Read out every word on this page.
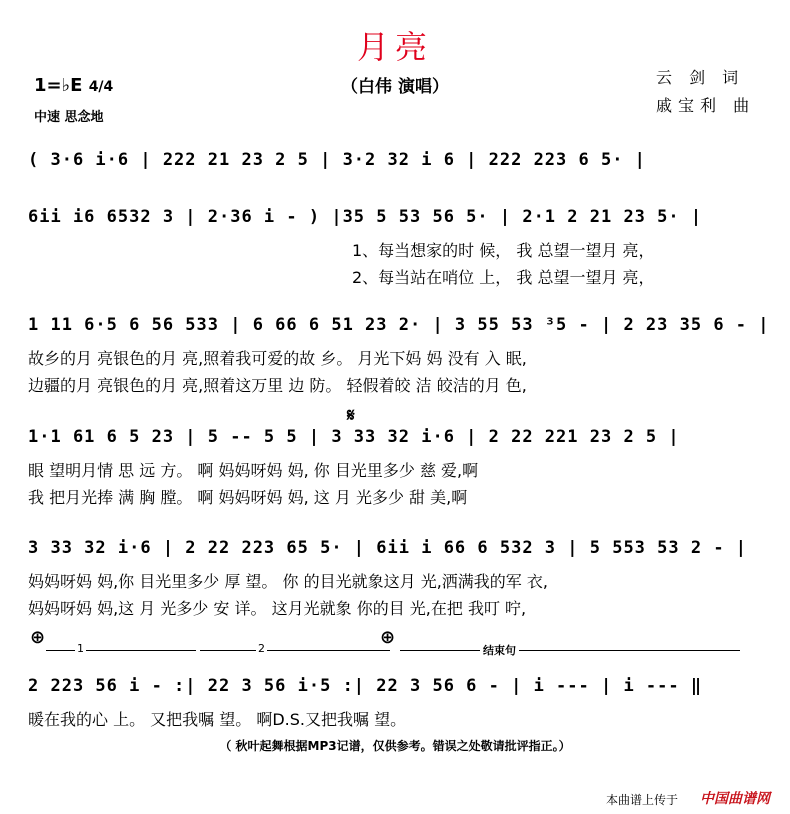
月亮
（白伟 演唱）
1=♭E 4/4
中速 思念地
云 剑 词
戚宝利 曲
( 3·6 i·6 | 222 21 23 2 5 | 3·2 32 i 6 | 222 223 6 5· |
6ii i6 6532 3 | 2·36 i - ) |35 5 53 56 5· | 2·1 2 21 23 5· |
1、每当想家的时 候， 我 总望一望月 亮，
2、每当站在哨位 上， 我 总望一望月 亮，
1 11 6·5 6 56 533 | 6 66 6 51 23 2· | 3 55 53 ³5 - | 2 23 35 6 - |
故乡的月 亮银色的月 亮,照着我可爱的故 乡。 月光下妈 妈 没有 入 眠,
边疆的月 亮银色的月 亮,照着这万里 边 防。 轻假着皎 洁 皎洁的月 色,
𝄋
1·1 61 6 5 23 | 5 -- 5 5 | 3 33 32 i·6 | 2 22 221 23 2 5 |
眼 望明月情 思 远 方。 啊 妈妈呀妈 妈, 你 目光里多少 慈 爱,啊
我 把月光捧 满 胸 膛。 啊 妈妈呀妈 妈, 这 月 光多少 甜 美,啊
3 33 32 i·6 | 2 22 223 65 5· | 6ii i 66 6 532 3 | 5 553 53 2 - |
妈妈呀妈 妈,你 目光里多少 厚 望。 你 的目光就象这月 光,洒满我的军 衣,
妈妈呀妈 妈,这 月 光多少 安 详。 这月光就象 你的目 光,在把 我叮 咛,
⊕	⊕
1	2	结束句
2 223 56 i - :| 22 3 56 i·5 :| 22 3 56 6 - | i --- | i --- ‖
暖在我的心 上。 又把我嘱 望。 啊D.S.又把我嘱 望。
（ 秋叶起舞根据MP3记谱，仅供参考。错误之处敬请批评指正。）
本曲谱上传于 中国曲谱网
